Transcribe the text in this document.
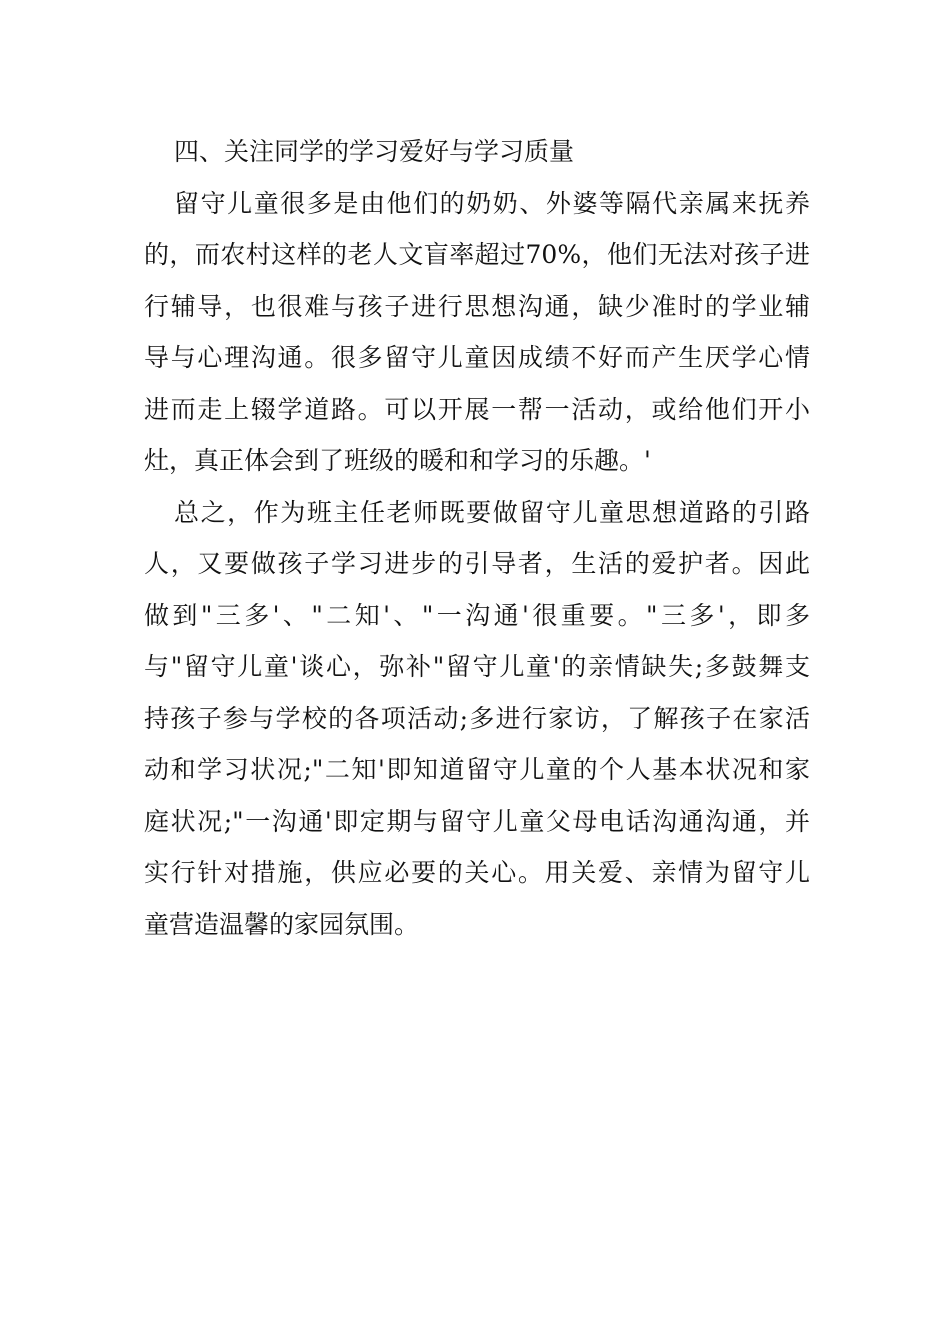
四、关注同学的学习爱好与学习质量
留守儿童很多是由他们的奶奶、外婆等隔代亲属来抚养
的，而农村这样的老人文盲率超过70%，他们无法对孩子进
行辅导，也很难与孩子进行思想沟通，缺少准时的学业辅
导与心理沟通。很多留守儿童因成绩不好而产生厌学心情
进而走上辍学道路。可以开展一帮一活动，或给他们开小
灶，真正体会到了班级的暖和和学习的乐趣。'
总之，作为班主任老师既要做留守儿童思想道路的引路
人，又要做孩子学习进步的引导者，生活的爱护者。因此
做到"三多'、"二知'、"一沟通'很重要。"三多'，即多
与"留守儿童'谈心，弥补"留守儿童'的亲情缺失;多鼓舞支
持孩子参与学校的各项活动;多进行家访，了解孩子在家活
动和学习状况;"二知'即知道留守儿童的个人基本状况和家
庭状况;"一沟通'即定期与留守儿童父母电话沟通沟通，并
实行针对措施，供应必要的关心。用关爱、亲情为留守儿
童营造温馨的家园氛围。
